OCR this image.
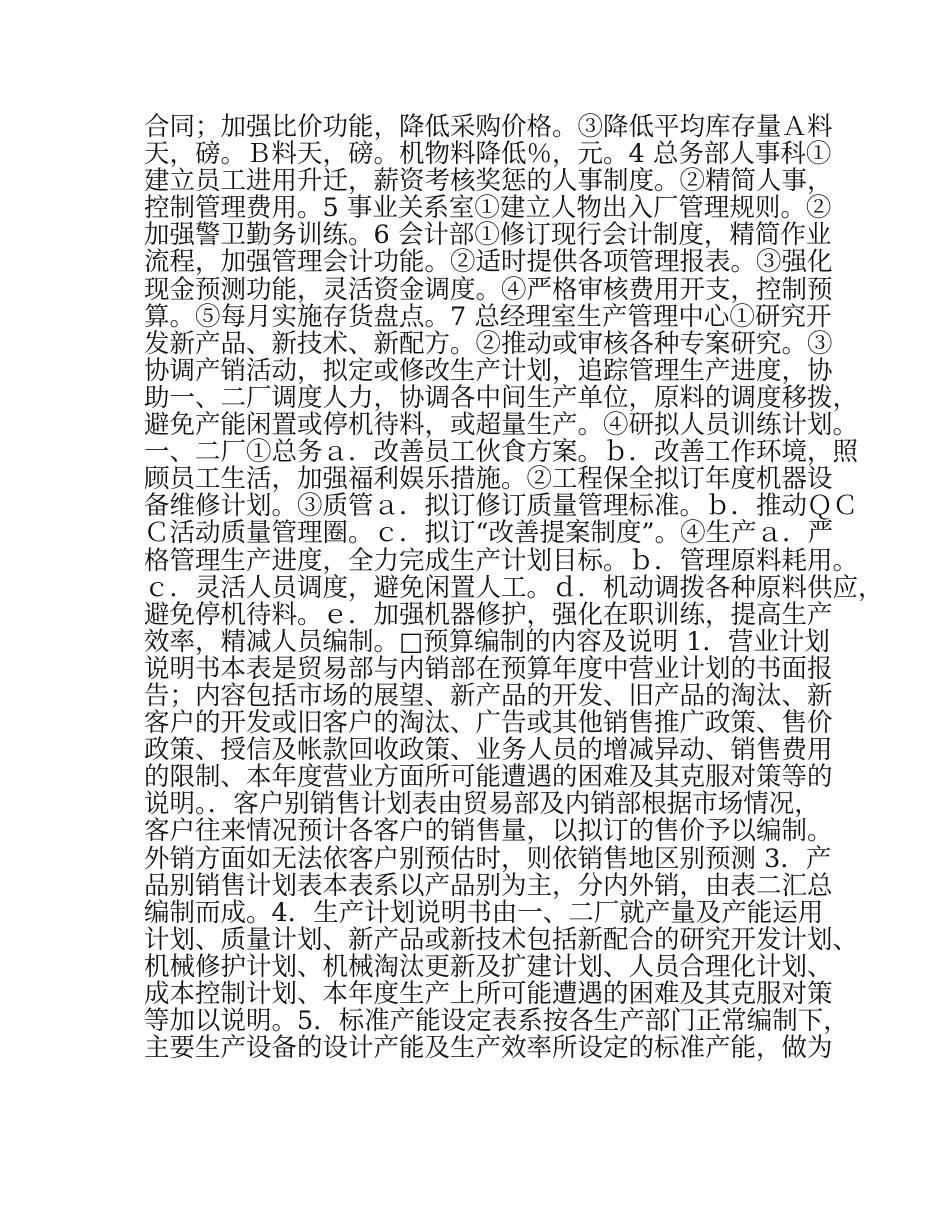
合同；加强比价功能，降低采购价格。③降低平均库存量Ａ料
天，磅。Ｂ料天，磅。机物料降低％，元。4 总务部人事科①
建立员工进用升迁，薪资考核奖惩的人事制度。②精简人事，
控制管理费用。5 事业关系室①建立人物出入厂管理规则。②
加强警卫勤务训练。6 会计部①修订现行会计制度，精简作业
流程，加强管理会计功能。②适时提供各项管理报表。③强化
现金预测功能，灵活资金调度。④严格审核费用开支，控制预
算。⑤每月实施存货盘点。7 总经理室生产管理中心①研究开
发新产品、新技术、新配方。②推动或审核各种专案研究。③
协调产销活动，拟定或修改生产计划，追踪管理生产进度，协
助一、二厂调度人力，协调各中间生产单位，原料的调度移拨，
避免产能闲置或停机待料，或超量生产。④研拟人员训练计划。
一、二厂①总务ａ．改善员工伙食方案。ｂ．改善工作环境，照
顾员工生活，加强福利娱乐措施。②工程保全拟订年度机器设
备维修计划。③质管ａ．拟订修订质量管理标准。ｂ．推动ＱＣ
Ｃ活动质量管理圈。ｃ．拟订“改善提案制度”。④生产ａ．严
格管理生产进度，全力完成生产计划目标。ｂ．管理原料耗用。
ｃ．灵活人员调度，避免闲置人工。ｄ．机动调拨各种原料供应，
避免停机待料。ｅ．加强机器修护，强化在职训练，提高生产
效率，精减人员编制。□预算编制的内容及说明 1．营业计划
说明书本表是贸易部与内销部在预算年度中营业计划的书面报
告；内容包括市场的展望、新产品的开发、旧产品的淘汰、新
客户的开发或旧客户的淘汰、广告或其他销售推广政策、售价
政策、授信及帐款回收政策、业务人员的增减异动、销售费用
的限制、本年度营业方面所可能遭遇的困难及其克服对策等的
说明。．客户别销售计划表由贸易部及内销部根据市场情况，
客户往来情况预计各客户的销售量，以拟订的售价予以编制。
外销方面如无法依客户别预估时，则依销售地区别预测 3．产
品别销售计划表本表系以产品别为主，分内外销，由表二汇总
编制而成。4．生产计划说明书由一、二厂就产量及产能运用
计划、质量计划、新产品或新技术包括新配合的研究开发计划、
机械修护计划、机械淘汰更新及扩建计划、人员合理化计划、
成本控制计划、本年度生产上所可能遭遇的困难及其克服对策
等加以说明。5．标准产能设定表系按各生产部门正常编制下，
主要生产设备的设计产能及生产效率所设定的标准产能，做为
